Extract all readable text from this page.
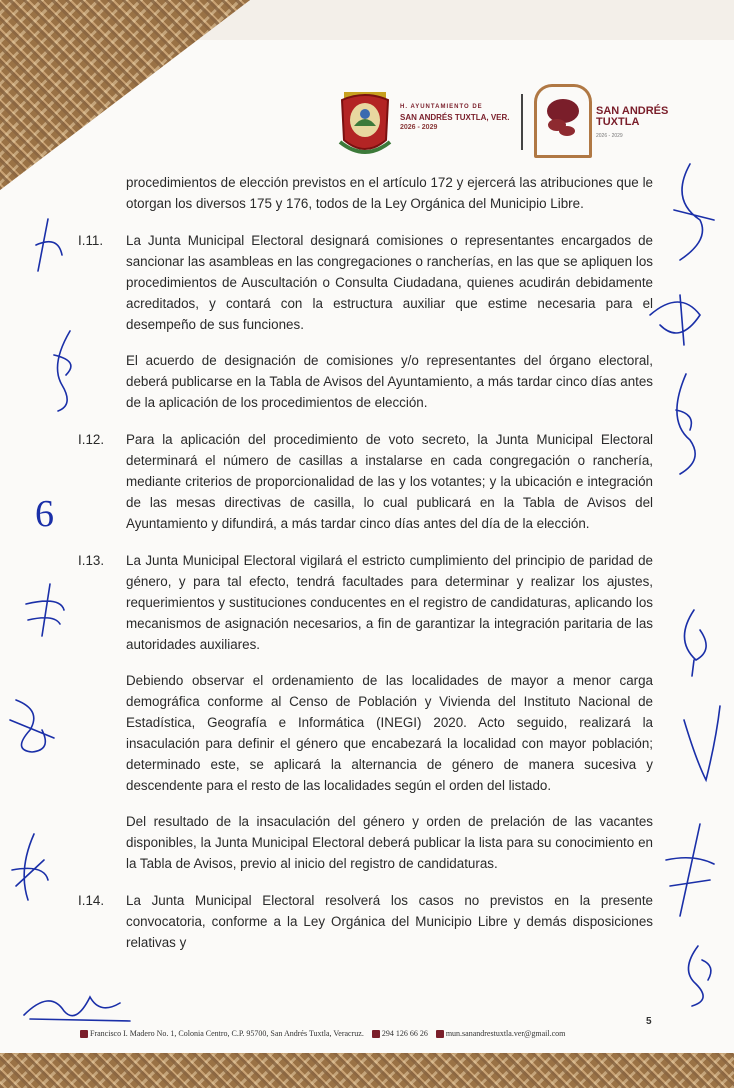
H. AYUNTAMIENTO DE
SAN ANDRÉS TUXTLA, VER.
2026 - 2029
SAN ANDRÉS
TUXTLA
2026 - 2029

procedimientos de elección previstos en el artículo 172 y ejercerá las atribuciones que le otorgan los diversos 175 y 176, todos de la Ley Orgánica del Municipio Libre.

I.11. La Junta Municipal Electoral designará comisiones o representantes encargados de sancionar las asambleas en las congregaciones o rancherías, en las que se apliquen los procedimientos de Auscultación o Consulta Ciudadana, quienes acudirán debidamente acreditados, y contará con la estructura auxiliar que estime necesaria para el desempeño de sus funciones.

El acuerdo de designación de comisiones y/o representantes del órgano electoral, deberá publicarse en la Tabla de Avisos del Ayuntamiento, a más tardar cinco días antes de la aplicación de los procedimientos de elección.

I.12. Para la aplicación del procedimiento de voto secreto, la Junta Municipal Electoral determinará el número de casillas a instalarse en cada congregación o ranchería, mediante criterios de proporcionalidad de las y los votantes; y la ubicación e integración de las mesas directivas de casilla, lo cual publicará en la Tabla de Avisos del Ayuntamiento y difundirá, a más tardar cinco días antes del día de la elección.

I.13. La Junta Municipal Electoral vigilará el estricto cumplimiento del principio de paridad de género, y para tal efecto, tendrá facultades para determinar y realizar los ajustes, requerimientos y sustituciones conducentes en el registro de candidaturas, aplicando los mecanismos de asignación necesarios, a fin de garantizar la integración paritaria de las autoridades auxiliares.

Debiendo observar el ordenamiento de las localidades de mayor a menor carga demográfica conforme al Censo de Población y Vivienda del Instituto Nacional de Estadística, Geografía e Informática (INEGI) 2020. Acto seguido, realizará la insaculación para definir el género que encabezará la localidad con mayor población; determinado este, se aplicará la alternancia de género de manera sucesiva y descendente para el resto de las localidades según el orden del listado.

Del resultado de la insaculación del género y orden de prelación de las vacantes disponibles, la Junta Municipal Electoral deberá publicar la lista para su conocimiento en la Tabla de Avisos, previo al inicio del registro de candidaturas.

I.14. La Junta Municipal Electoral resolverá los casos no previstos en la presente convocatoria, conforme a la Ley Orgánica del Municipio Libre y demás disposiciones relativas y

6
5
Francisco I. Madero No. 1, Colonia Centro, C.P. 95700, San Andrés Tuxtla, Veracruz.	294 126 66 26	mun.sanandrestuxtla.ver@gmail.com
